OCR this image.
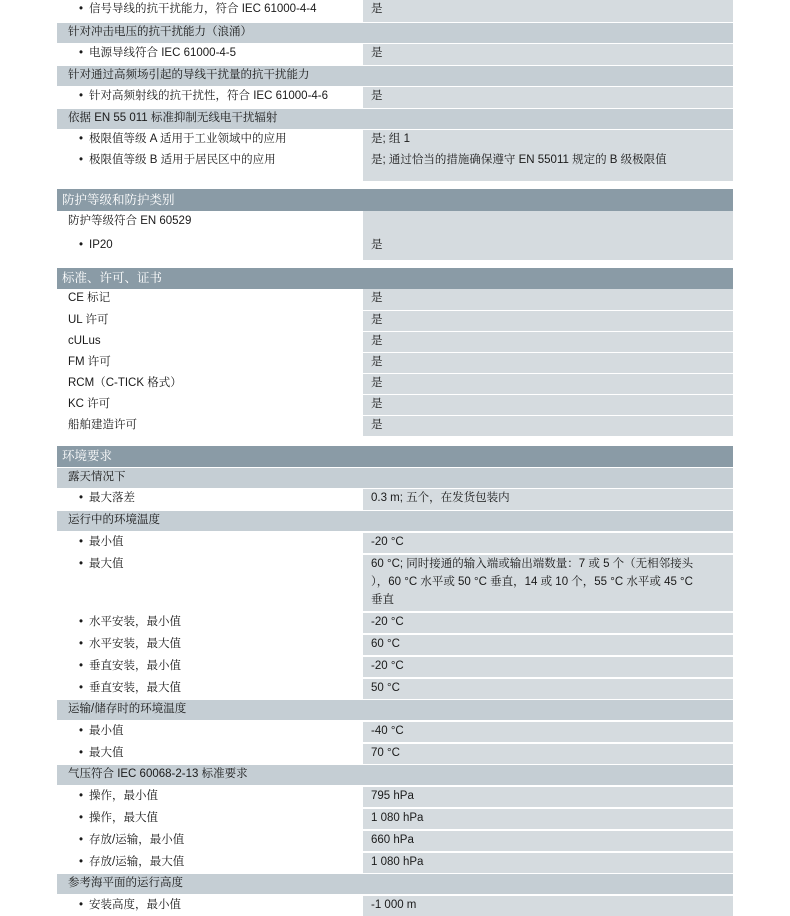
• 信号导线的抗干扰能力，符合 IEC 61000-4-4	是
针对冲击电压的抗干扰能力（浪涌）
• 电源导线符合 IEC 61000-4-5	是
针对通过高频场引起的导线干扰量的抗干扰能力
• 针对高频射线的抗干扰性，符合 IEC 61000-4-6	是
依据 EN 55 011 标准抑制无线电干扰辐射
• 极限值等级 A 适用于工业领域中的应用	是; 组 1
• 极限值等级 B 适用于居民区中的应用	是; 通过恰当的措施确保遵守 EN 55011 规定的 B 级极限值
防护等级和防护类别
防护等级符合 EN 60529
• IP20	是
标准、许可、证书
CE 标记	是
UL 许可	是
cULus	是
FM 许可	是
RCM（C-TICK 格式）	是
KC 许可	是
船舶建造许可	是
环境要求
露天情况下
• 最大落差	0.3 m; 五个，在发货包装内
运行中的环境温度
• 最小值	-20 °C
• 最大值	60 °C; 同时接通的输入端或输出端数量：7 或 5 个（无相邻接头
），60 °C 水平或 50 °C 垂直，14 或 10 个，55 °C 水平或 45 °C
垂直
• 水平安装，最小值	-20 °C
• 水平安装，最大值	60 °C
• 垂直安装，最小值	-20 °C
• 垂直安装，最大值	50 °C
运输/储存时的环境温度
• 最小值	-40 °C
• 最大值	70 °C
气压符合 IEC 60068-2-13 标准要求
• 操作，最小值	795 hPa
• 操作，最大值	1 080 hPa
• 存放/运输，最小值	660 hPa
• 存放/运输，最大值	1 080 hPa
参考海平面的运行高度
• 安装高度，最小值	-1 000 m
